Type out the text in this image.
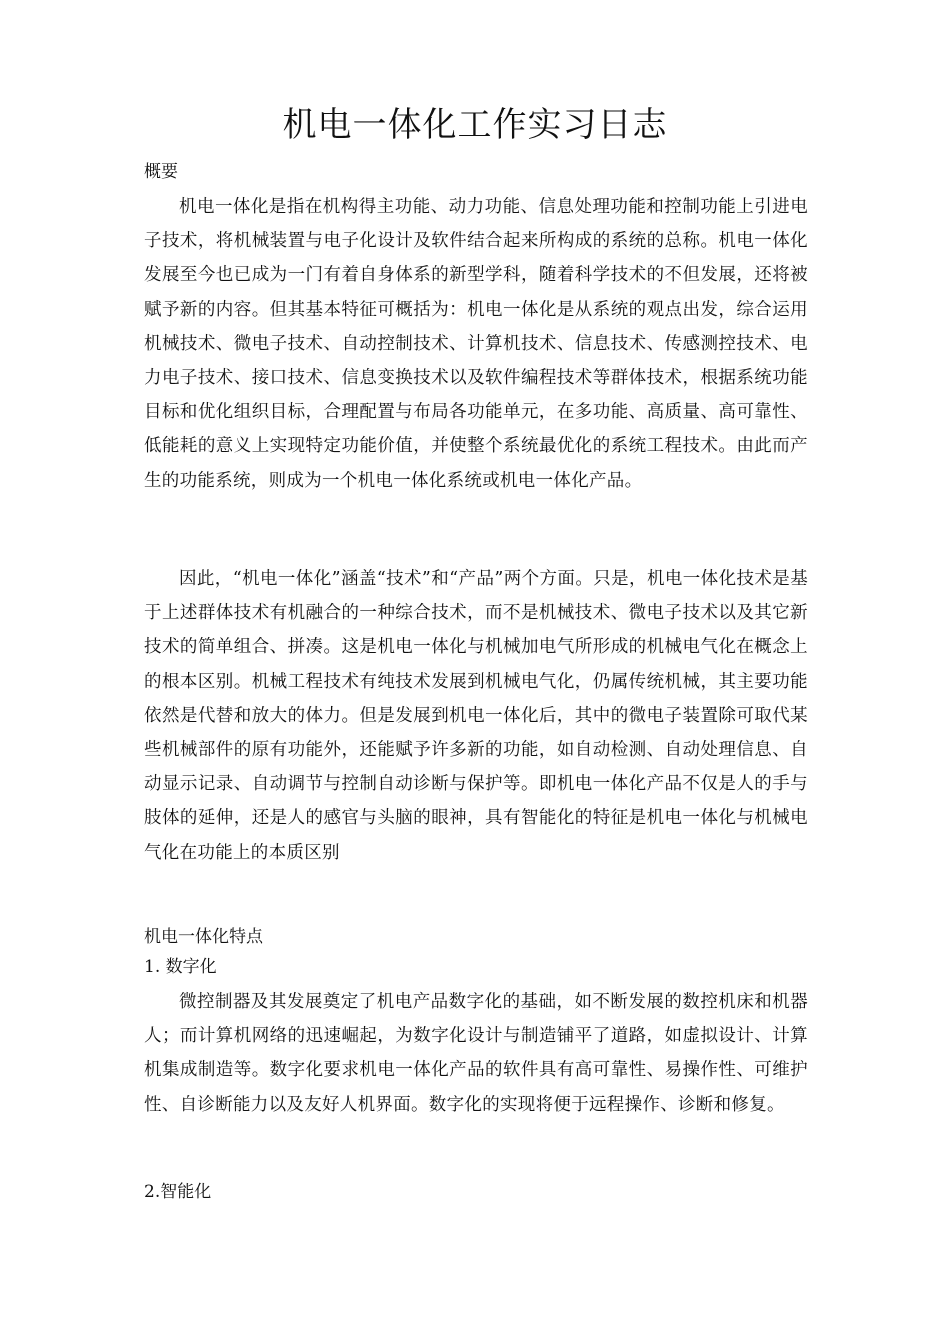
机电一体化工作实习日志

概要

机电一体化是指在机构得主功能、动力功能、信息处理功能和控制功能上引进电子技术，将机械装置与电子化设计及软件结合起来所构成的系统的总称。机电一体化发展至今也已成为一门有着自身体系的新型学科，随着科学技术的不但发展，还将被赋予新的内容。但其基本特征可概括为：机电一体化是从系统的观点出发，综合运用机械技术、微电子技术、自动控制技术、计算机技术、信息技术、传感测控技术、电力电子技术、接口技术、信息变换技术以及软件编程技术等群体技术，根据系统功能目标和优化组织目标，合理配置与布局各功能单元，在多功能、高质量、高可靠性、低能耗的意义上实现特定功能价值，并使整个系统最优化的系统工程技术。由此而产生的功能系统，则成为一个机电一体化系统或机电一体化产品。

因此，“机电一体化”涵盖“技术”和“产品”两个方面。只是，机电一体化技术是基于上述群体技术有机融合的一种综合技术，而不是机械技术、微电子技术以及其它新技术的简单组合、拼凑。这是机电一体化与机械加电气所形成的机械电气化在概念上的根本区别。机械工程技术有纯技术发展到机械电气化，仍属传统机械，其主要功能依然是代替和放大的体力。但是发展到机电一体化后，其中的微电子装置除可取代某些机械部件的原有功能外，还能赋予许多新的功能，如自动检测、自动处理信息、自动显示记录、自动调节与控制自动诊断与保护等。即机电一体化产品不仅是人的手与肢体的延伸，还是人的感官与头脑的眼神，具有智能化的特征是机电一体化与机械电气化在功能上的本质区别

机电一体化特点

1. 数字化

微控制器及其发展奠定了机电产品数字化的基础，如不断发展的数控机床和机器人；而计算机网络的迅速崛起，为数字化设计与制造铺平了道路，如虚拟设计、计算机集成制造等。数字化要求机电一体化产品的软件具有高可靠性、易操作性、可维护性、自诊断能力以及友好人机界面。数字化的实现将便于远程操作、诊断和修复。

2.智能化
